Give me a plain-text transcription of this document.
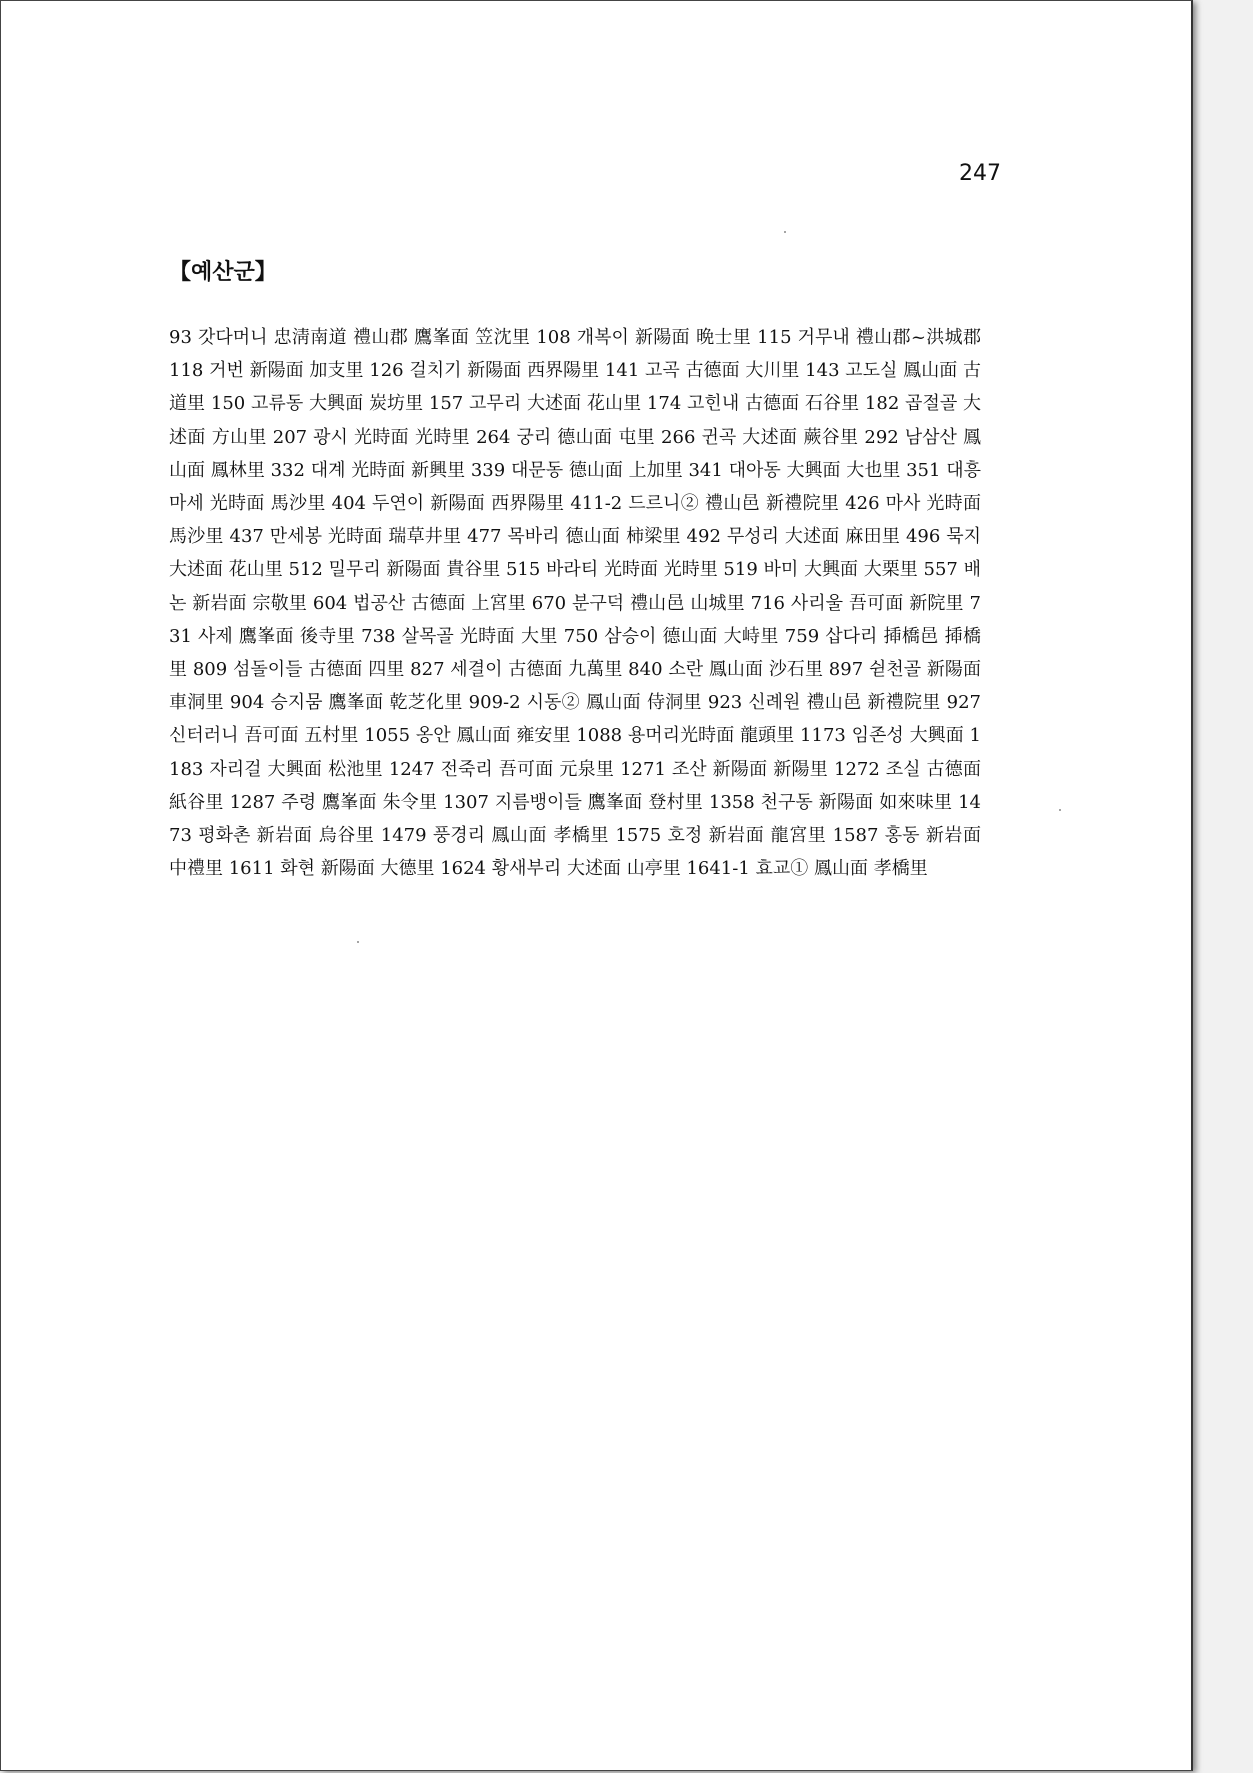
247
【예산군】
93 갓다머니 忠淸南道 禮山郡 鷹峯面 笠沈里 108 개복이 新陽面 晩士里 115 거무내 禮山郡~洪城郡 118 거번 新陽面 加支里 126 걸치기 新陽面 西界陽里 141 고곡 古德面 大川里 143 고도실 鳳山面 古道里 150 고류동 大興面 炭坊里 157 고무리 大述面 花山里 174 고힌내 古德面 石谷里 182 곱절골 大述面 方山里 207 광시 光時面 光時里 264 궁리 德山面 屯里 266 귄곡 大述面 蕨谷里 292 남삼산 鳳山面 鳳林里 332 대계 光時面 新興里 339 대문동 德山面 上加里 341 대아동 大興面 大也里 351 대흥마세 光時面 馬沙里 404 두연이 新陽面 西界陽里 411-2 드르니② 禮山邑 新禮院里 426 마사 光時面 馬沙里 437 만세봉 光時面 瑞草井里 477 목바리 德山面 柿梁里 492 무성리 大述面 麻田里 496 묵지 大述面 花山里 512 밀무리 新陽面 貴谷里 515 바라티 光時面 光時里 519 바미 大興面 大栗里 557 배논 新岩面 宗敬里 604 법공산 古德面 上宮里 670 분구덕 禮山邑 山城里 716 사리울 吾可面 新院里 731 사제 鷹峯面 後寺里 738 살목골 光時面 大里 750 삼승이 德山面 大峙里 759 삽다리 揷橋邑 揷橋里 809 섬돌이들 古德面 四里 827 세결이 古德面 九萬里 840 소란 鳳山面 沙石里 897 쉳천골 新陽面 車洞里 904 승지뭄 鷹峯面 乾芝化里 909-2 시동② 鳳山面 侍洞里 923 신례원 禮山邑 新禮院里 927 신터러니 吾可面 五村里 1055 옹안 鳳山面 雍安里 1088 용머리光時面 龍頭里 1173 임존성 大興面 1183 자리걸 大興面 松池里 1247 전죽리 吾可面 元泉里 1271 조산 新陽面 新陽里 1272 조실 古德面 紙谷里 1287 주령 鷹峯面 朱令里 1307 지름뱅이들 鷹峯面 登村里 1358 천구동 新陽面 如來味里 1473 평화촌 新岩面 烏谷里 1479 풍경리 鳳山面 孝橋里 1575 호정 新岩面 龍宮里 1587 홍동 新岩面 中禮里 1611 화현 新陽面 大德里 1624 황새부리 大述面 山亭里 1641-1 효교① 鳳山面 孝橋里
